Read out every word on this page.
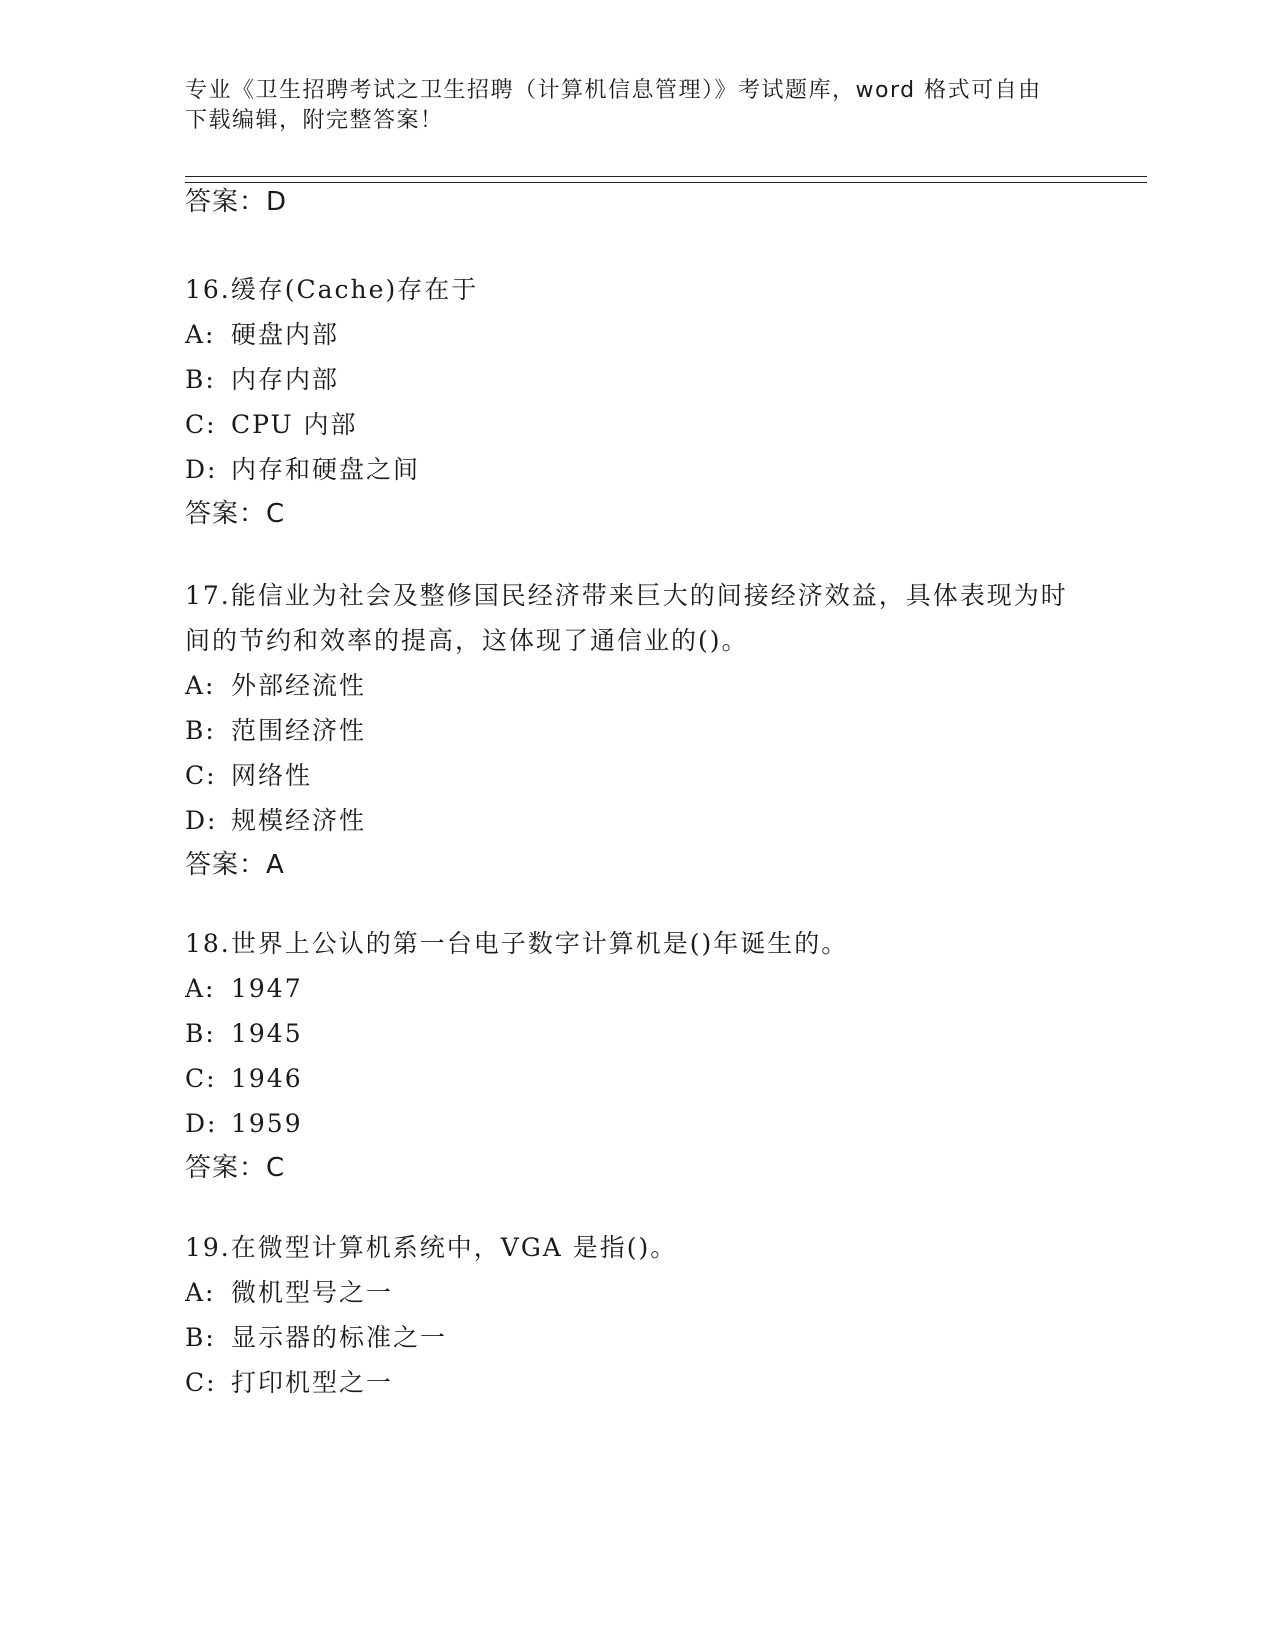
专业《卫生招聘考试之卫生招聘（计算机信息管理）》考试题库，word 格式可自由下载编辑，附完整答案！
答案：D
16.缓存(Cache)存在于
A: 硬盘内部
B: 内存内部
C: CPU 内部
D: 内存和硬盘之间
答案：C
17.能信业为社会及整修国民经济带来巨大的间接经济效益，具体表现为时间的节约和效率的提高，这体现了通信业的()。
A: 外部经流性
B: 范围经济性
C: 网络性
D: 规模经济性
答案：A
18.世界上公认的第一台电子数字计算机是()年诞生的。
A: 1947
B: 1945
C: 1946
D: 1959
答案：C
19.在微型计算机系统中，VGA 是指()。
A: 微机型号之一
B: 显示器的标准之一
C: 打印机型之一
